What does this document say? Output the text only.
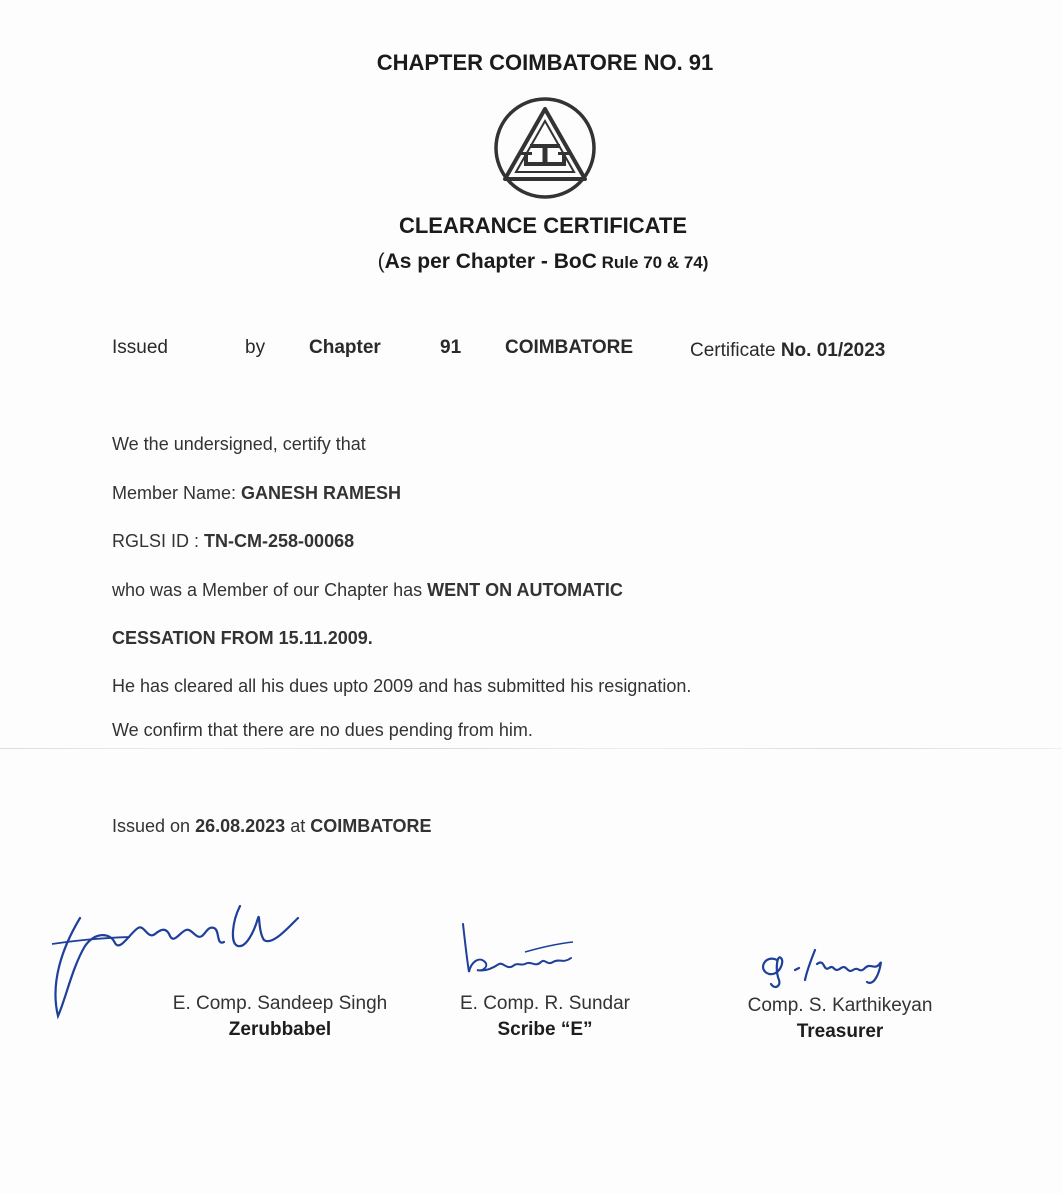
CHAPTER COIMBATORE NO. 91
CLEARANCE CERTIFICATE
(As per Chapter - BoC Rule 70 & 74)
Issued	by Chapter	91 COIMBATORE	Certificate No. 01/2023
We the undersigned, certify that
Member Name: GANESH RAMESH
RGLSI ID : TN-CM-258-00068
who was a Member of our Chapter has WENT ON AUTOMATIC
CESSATION FROM 15.11.2009.
He has cleared all his dues upto 2009 and has submitted his resignation.
We confirm that there are no dues pending from him.
Issued on 26.08.2023 at COIMBATORE
E. Comp. Sandeep Singh
Zerubbabel
E. Comp. R. Sundar
Scribe “E”
Comp. S. Karthikeyan
Treasurer
